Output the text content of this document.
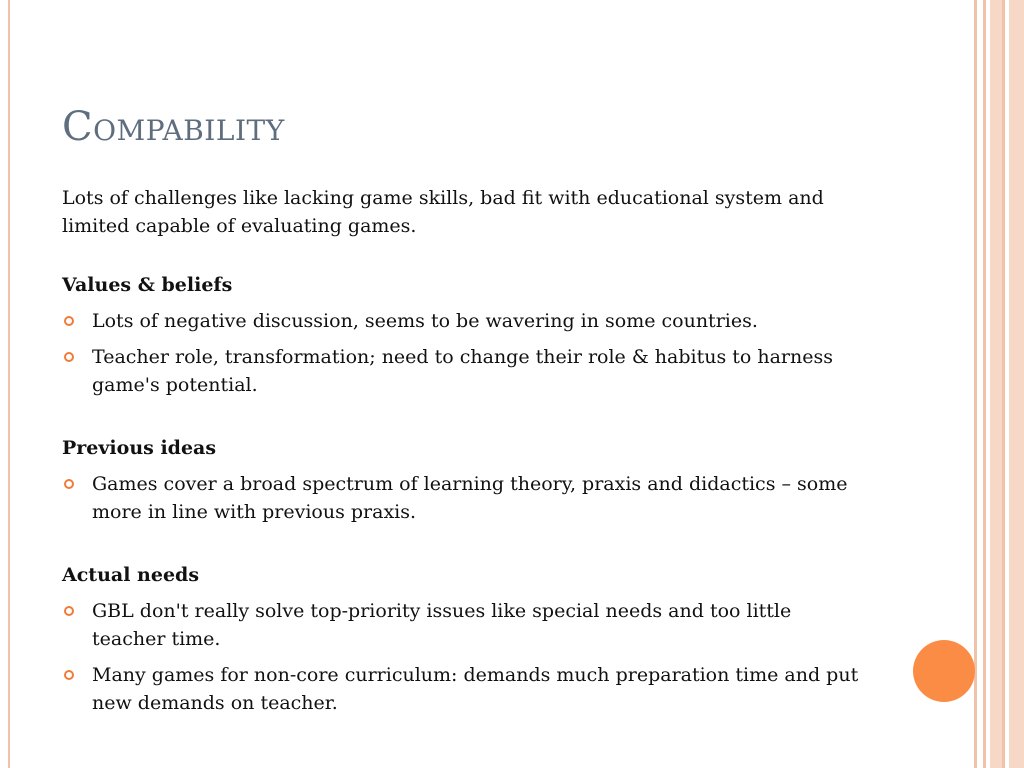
Compability

Lots of challenges like lacking game skills, bad fit with educational system and limited capable of evaluating games.

Values & beliefs
Lots of negative discussion, seems to be wavering in some countries.
Teacher role, transformation; need to change their role & habitus to harness game's potential.
Previous ideas
Games cover a broad spectrum of learning theory, praxis and didactics – some more in line with previous praxis.
Actual needs
GBL don't really solve top-priority issues like special needs and too little teacher time.
Many games for non-core curriculum: demands much preparation time and put new demands on teacher.
